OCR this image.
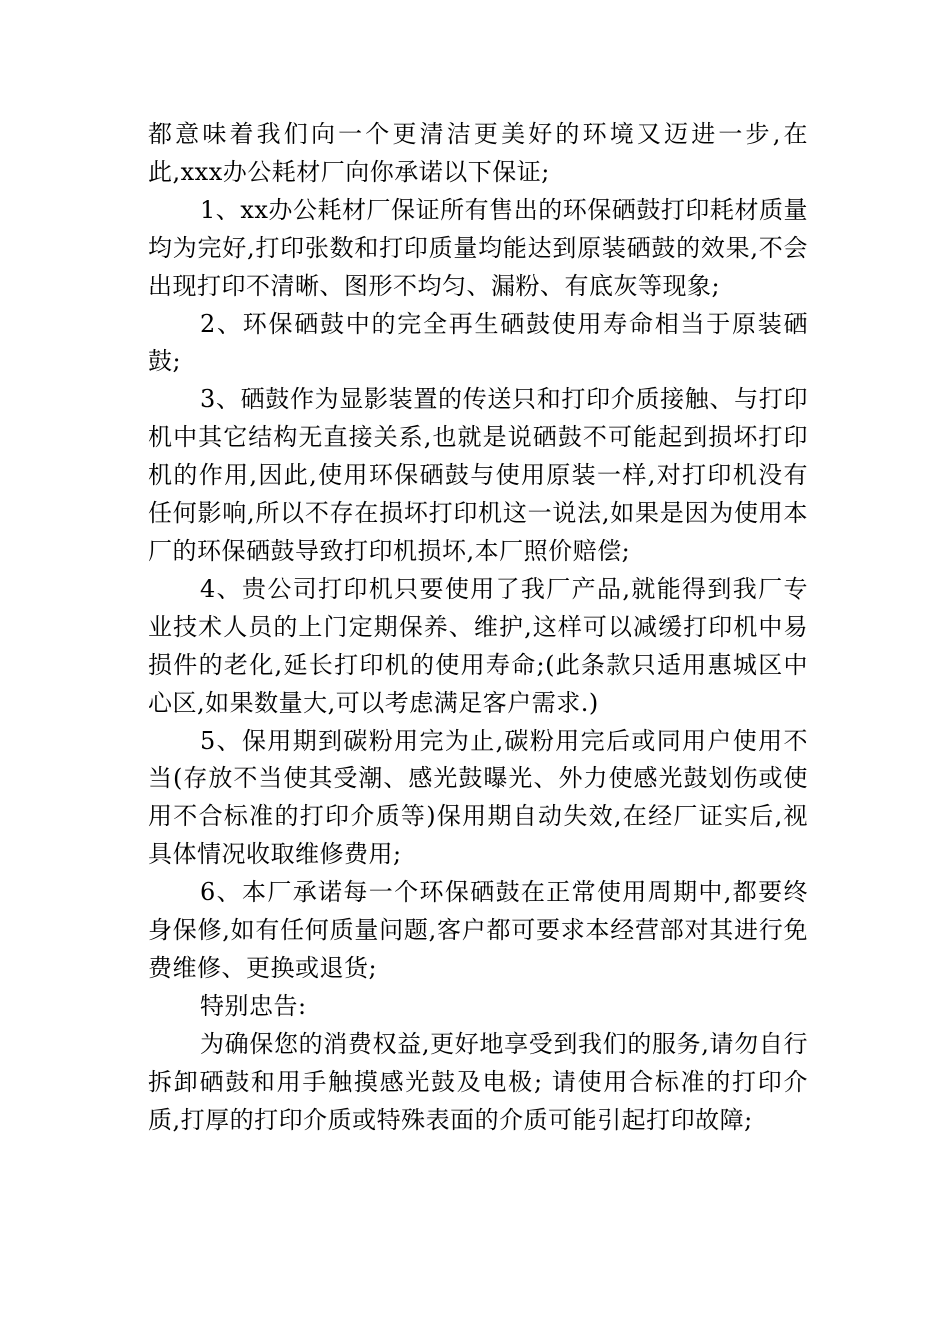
都意味着我们向一个更清洁更美好的环境又迈进一步,在此,xxx办公耗材厂向你承诺以下保证;

1、xx办公耗材厂保证所有售出的环保硒鼓打印耗材质量均为完好,打印张数和打印质量均能达到原装硒鼓的效果,不会出现打印不清晰、图形不均匀、漏粉、有底灰等现象;

2、环保硒鼓中的完全再生硒鼓使用寿命相当于原装硒鼓;

3、硒鼓作为显影装置的传送只和打印介质接触、与打印机中其它结构无直接关系,也就是说硒鼓不可能起到损坏打印机的作用,因此,使用环保硒鼓与使用原装一样,对打印机没有任何影响,所以不存在损坏打印机这一说法,如果是因为使用本厂的环保硒鼓导致打印机损坏,本厂照价赔偿;

4、贵公司打印机只要使用了我厂产品,就能得到我厂专业技术人员的上门定期保养、维护,这样可以减缓打印机中易损件的老化,延长打印机的使用寿命;(此条款只适用惠城区中心区,如果数量大,可以考虑满足客户需求.)

5、保用期到碳粉用完为止,碳粉用完后或同用户使用不当(存放不当使其受潮、感光鼓曝光、外力使感光鼓划伤或使用不合标准的打印介质等)保用期自动失效,在经厂证实后,视具体情况收取维修费用;

6、本厂承诺每一个环保硒鼓在正常使用周期中,都要终身保修,如有任何质量问题,客户都可要求本经营部对其进行免费维修、更换或退货;

特别忠告:

为确保您的消费权益,更好地享受到我们的服务,请勿自行拆卸硒鼓和用手触摸感光鼓及电极; 请使用合标准的打印介质,打厚的打印介质或特殊表面的介质可能引起打印故障;
